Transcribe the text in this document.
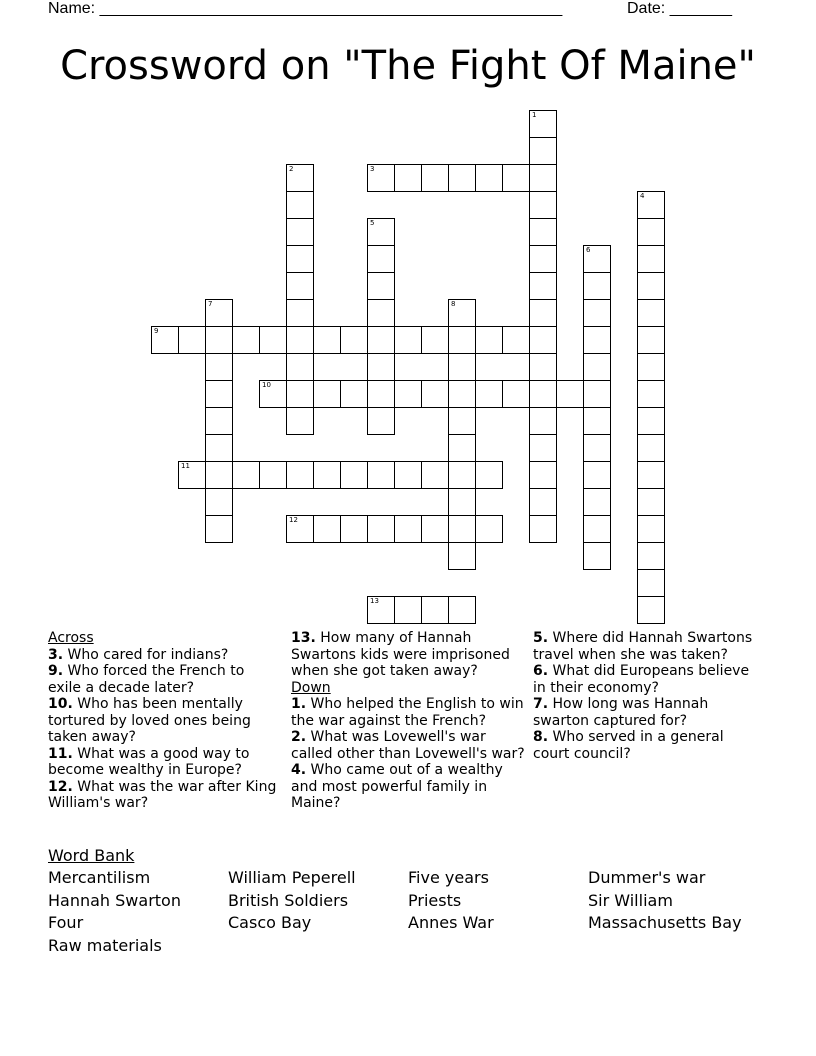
Name: ____________________________________________________	Date: _______
Crossword on "The Fight Of Maine"
1
2	3
4
5
6
7	8
9
10
11
12
13
Across
3. Who cared for indians?
9. Who forced the French to exile a decade later?
10. Who has been mentally tortured by loved ones being taken away?
11. What was a good way to become wealthy in Europe?
12. What was the war after King William's war?
13. How many of Hannah Swartons kids were imprisoned when she got taken away?
Down
1. Who helped the English to win the war against the French?
2. What was Lovewell's war called other than Lovewell's war?
4. Who came out of a wealthy and most powerful family in Maine?
5. Where did Hannah Swartons travel when she was taken?
6. What did Europeans believe in their economy?
7. How long was Hannah swarton captured for?
8. Who served in a general court council?
Word Bank
Mercantilism	William Peperell	Five years	Dummer's war
Hannah Swarton	British Soldiers	Priests	Sir William
Four	Casco Bay	Annes War	Massachusetts Bay
Raw materials
